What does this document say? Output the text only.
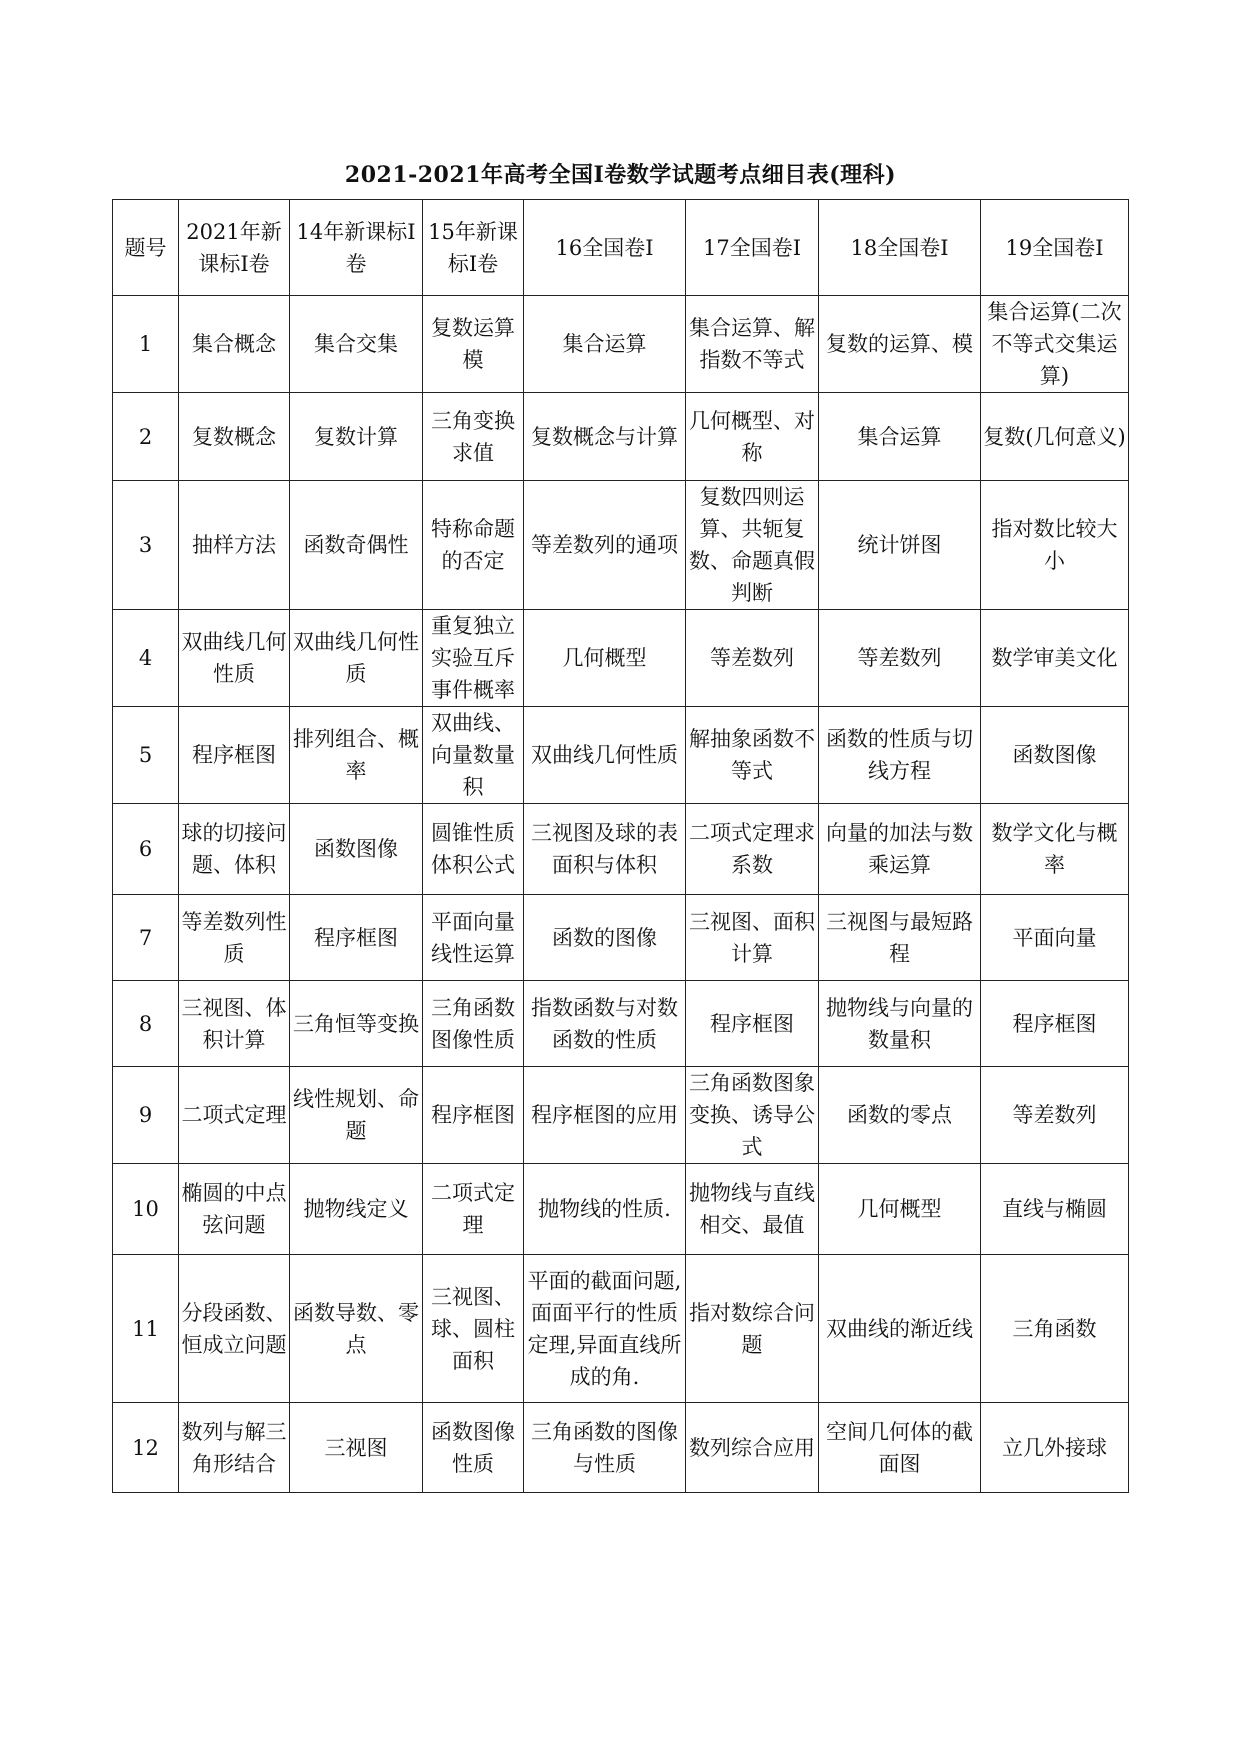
2021-2021年高考全国I卷数学试题考点细目表(理科)
题号	2021年新课标I卷	14年新课标I卷	15年新课标I卷	16全国卷I	17全国卷I	18全国卷I	19全国卷I
1	集合概念	集合交集	复数运算模	集合运算	集合运算、解指数不等式	复数的运算、模	集合运算(二次不等式交集运算)
2	复数概念	复数计算	三角变换求值	复数概念与计算	几何概型、对称	集合运算	复数(几何意义)
3	抽样方法	函数奇偶性	特称命题的否定	等差数列的通项	复数四则运算、共轭复数、命题真假判断	统计饼图	指对数比较大小
4	双曲线几何性质	双曲线几何性质	重复独立实验互斥事件概率	几何概型	等差数列	等差数列	数学审美文化
5	程序框图	排列组合、概率	双曲线、向量数量积	双曲线几何性质	解抽象函数不等式	函数的性质与切线方程	函数图像
6	球的切接问题、体积	函数图像	圆锥性质体积公式	三视图及球的表面积与体积	二项式定理求系数	向量的加法与数乘运算	数学文化与概率
7	等差数列性质	程序框图	平面向量线性运算	函数的图像	三视图、面积计算	三视图与最短路程	平面向量
8	三视图、体积计算	三角恒等变换	三角函数图像性质	指数函数与对数函数的性质	程序框图	抛物线与向量的数量积	程序框图
9	二项式定理	线性规划、命题	程序框图	程序框图的应用	三角函数图象变换、诱导公式	函数的零点	等差数列
10	椭圆的中点弦问题	抛物线定义	二项式定理	抛物线的性质.	抛物线与直线相交、最值	几何概型	直线与椭圆
11	分段函数、恒成立问题	函数导数、零点	三视图、球、圆柱面积	平面的截面问题,面面平行的性质定理,异面直线所成的角.	指对数综合问题	双曲线的渐近线	三角函数
12	数列与解三角形结合	三视图	函数图像性质	三角函数的图像与性质	数列综合应用	空间几何体的截面图	立几外接球
